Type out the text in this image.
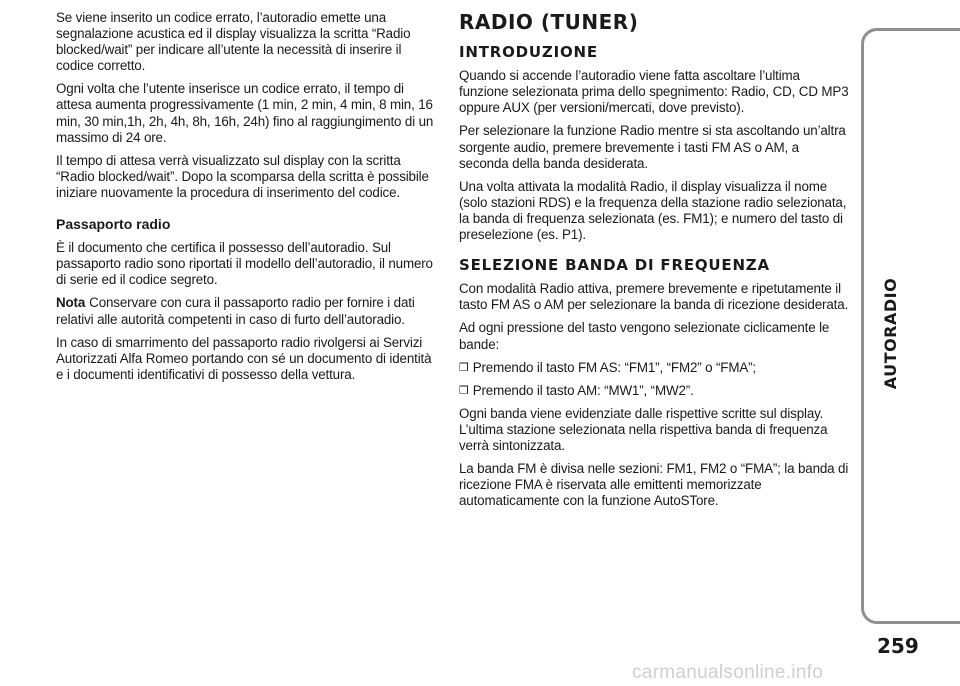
Se viene inserito un codice errato, l’autoradio emette una segnalazione acustica ed il display visualizza la scritta “Radio blocked/wait” per indicare all’utente la necessità di inserire il codice corretto.

Ogni volta che l’utente inserisce un codice errato, il tempo di attesa aumenta progressivamente (1 min, 2 min, 4 min, 8 min, 16 min, 30 min,1h, 2h, 4h, 8h, 16h, 24h) fino al raggiungimento di un massimo di 24 ore.

Il tempo di attesa verrà visualizzato sul display con la scritta “Radio blocked/wait”. Dopo la scomparsa della scritta è possibile iniziare nuovamente la procedura di inserimento del codice.

Passaporto radio

È il documento che certifica il possesso dell’autoradio. Sul passaporto radio sono riportati il modello dell’autoradio, il numero di serie ed il codice segreto.

Nota Conservare con cura il passaporto radio per fornire i dati relativi alle autorità competenti in caso di furto dell’autoradio.

In caso di smarrimento del passaporto radio rivolgersi ai Servizi Autorizzati Alfa Romeo portando con sé un documento di identità e i documenti identificativi di possesso della vettura.

RADIO (TUNER)
INTRODUZIONE

Quando si accende l’autoradio viene fatta ascoltare l’ultima funzione selezionata prima dello spegnimento: Radio, CD, CD MP3 oppure AUX (per versioni/mercati, dove previsto).

Per selezionare la funzione Radio mentre si sta ascoltando un’altra sorgente audio, premere brevemente i tasti FM AS o AM, a seconda della banda desiderata.

Una volta attivata la modalità Radio, il display visualizza il nome (solo stazioni RDS) e la frequenza della stazione radio selezionata, la banda di frequenza selezionata (es. FM1); e numero del tasto di preselezione (es. P1).

SELEZIONE BANDA DI FREQUENZA

Con modalità Radio attiva, premere brevemente e ripetutamente il tasto FM AS o AM per selezionare la banda di ricezione desiderata.

Ad ogni pressione del tasto vengono selezionate ciclicamente le bande:

❒ Premendo il tasto FM AS: “FM1”, “FM2” o “FMA”;
❒ Premendo il tasto AM: “MW1”, “MW2”.

Ogni banda viene evidenziate dalle rispettive scritte sul display. L’ultima stazione selezionata nella rispettiva banda di frequenza verrà sintonizzata.

La banda FM è divisa nelle sezioni: FM1, FM2 o “FMA”; la banda di ricezione FMA è riservata alle emittenti memorizzate automaticamente con la funzione AutoSTore.

AUTORADIO
259
carmanualsonline.info
